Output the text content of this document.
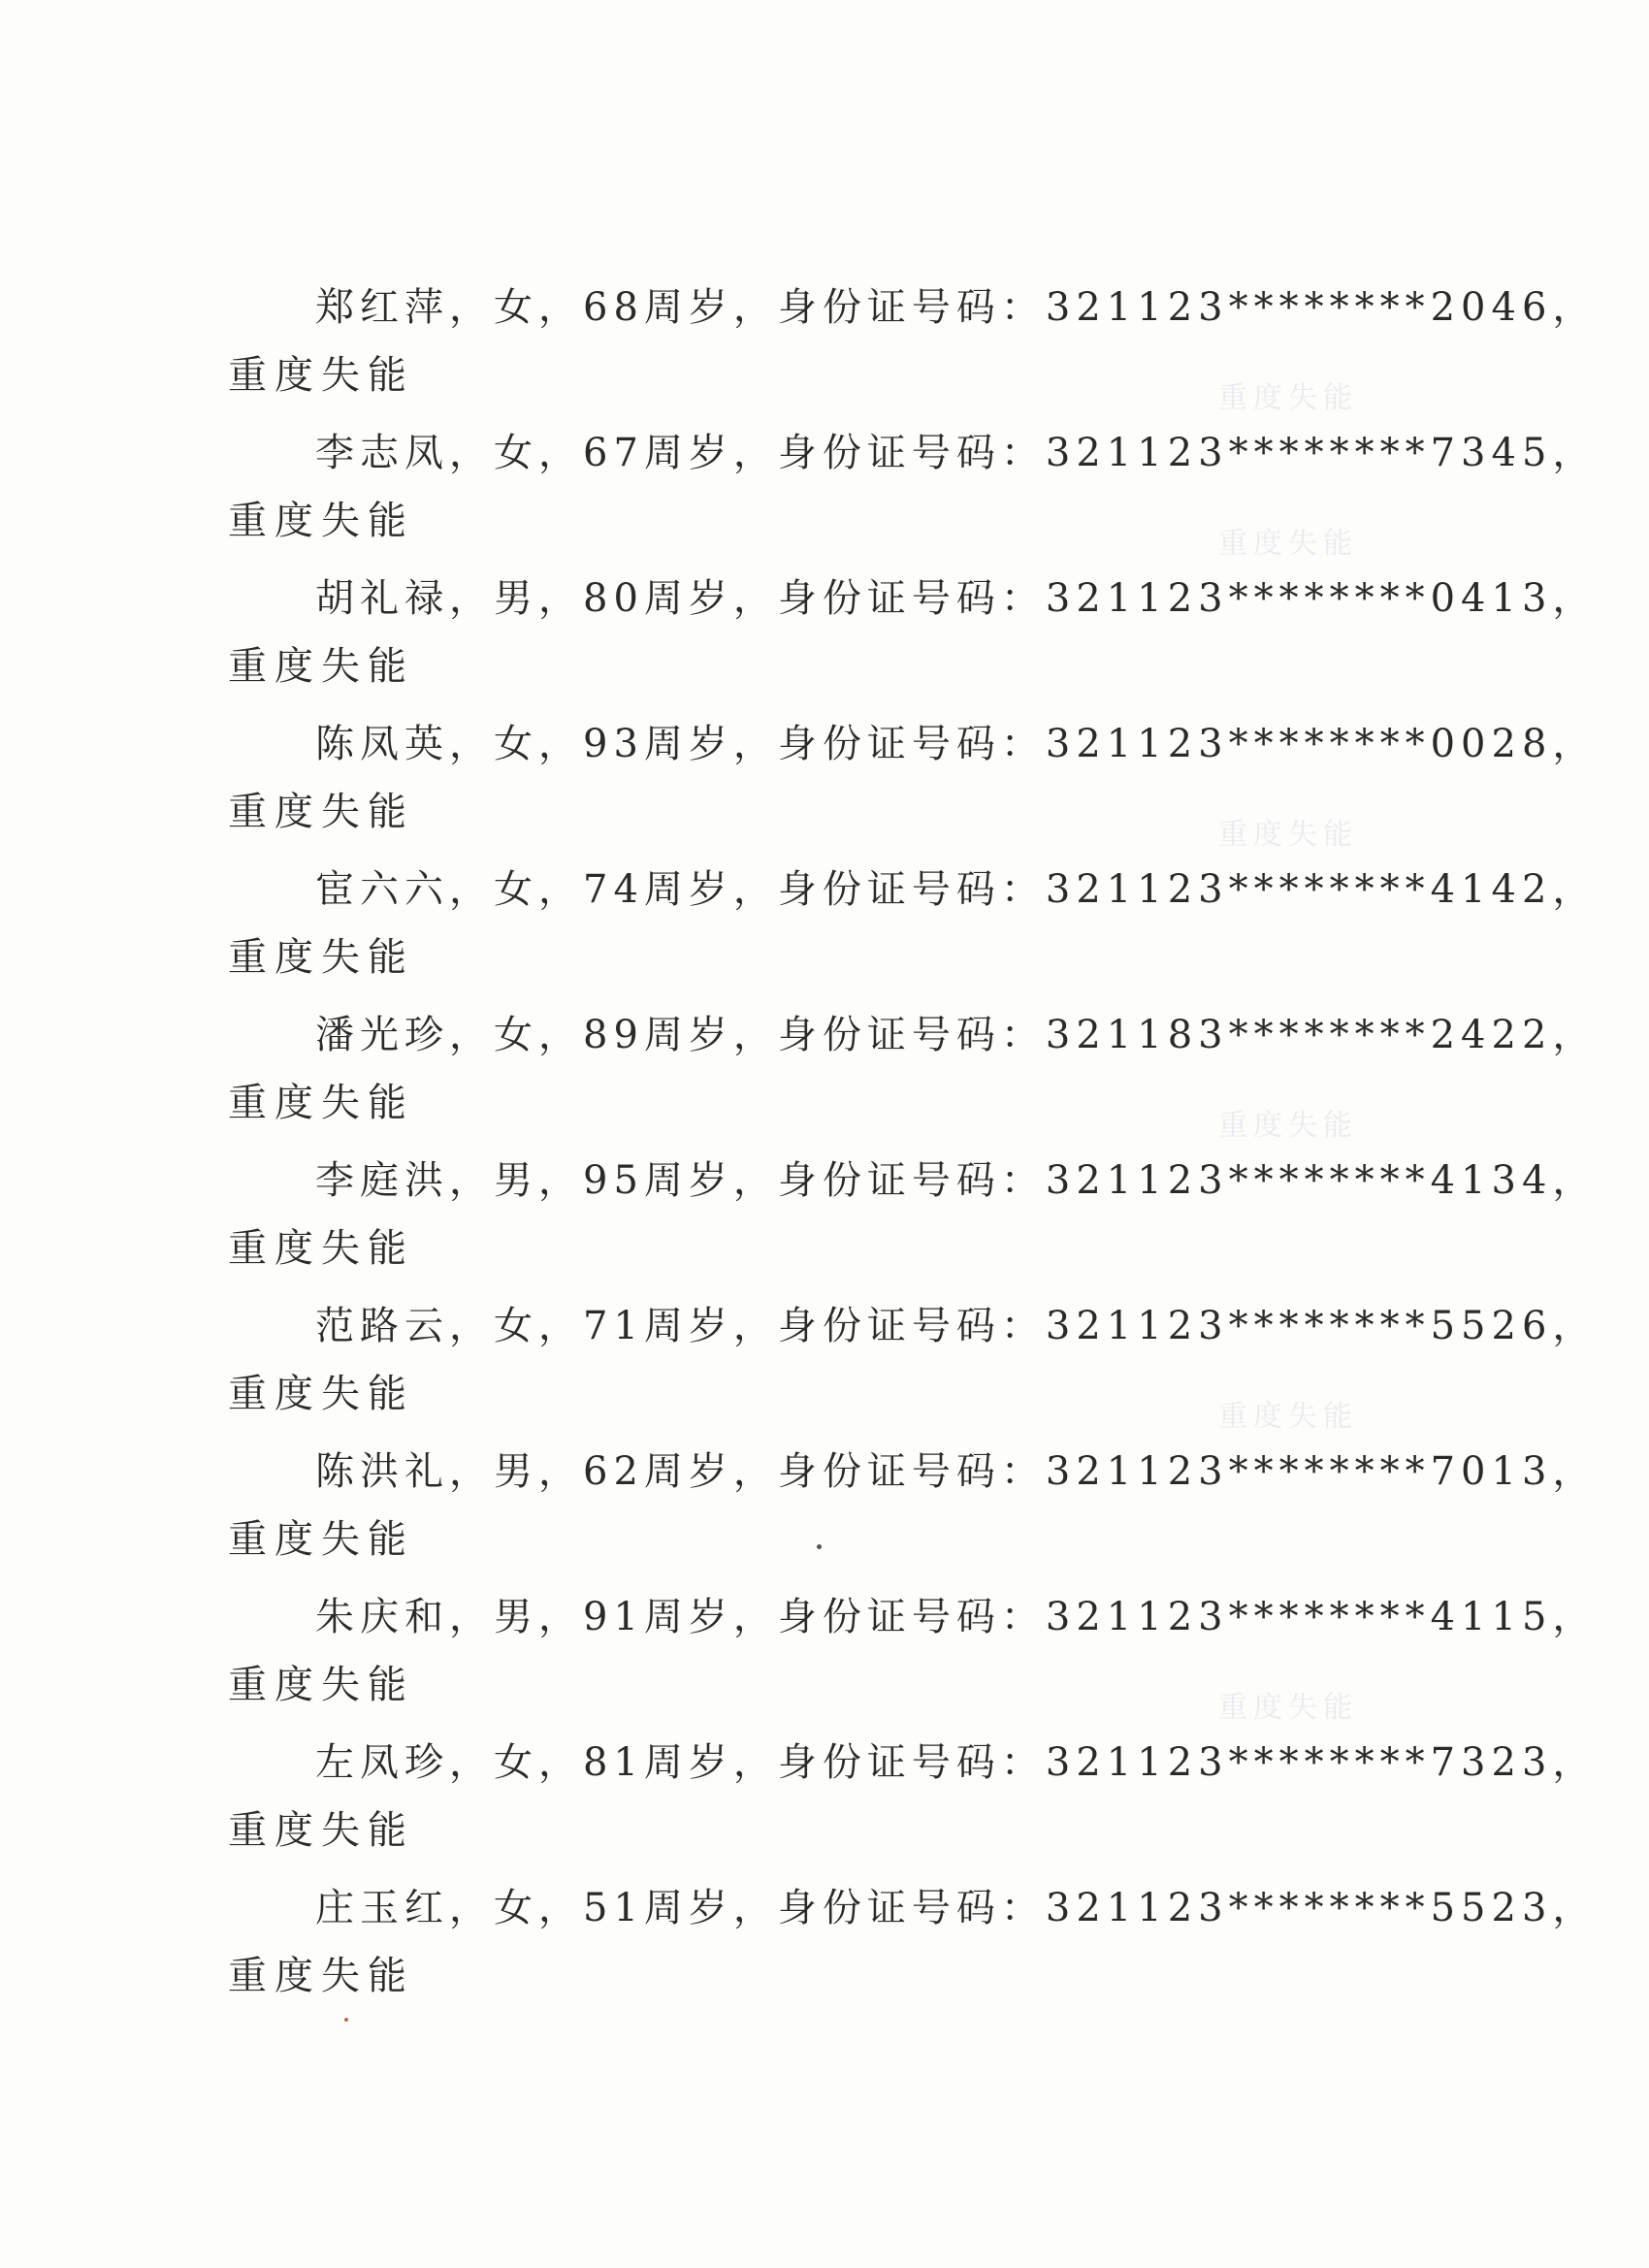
重度失能
重度失能
重度失能
重度失能
重度失能
重度失能
郑红萍，女，68周岁，身份证号码：321123********2046，
重度失能
李志凤，女，67周岁，身份证号码：321123********7345，
重度失能
胡礼禄，男，80周岁，身份证号码：321123********0413，
重度失能
陈凤英，女，93周岁，身份证号码：321123********0028，
重度失能
宦六六，女，74周岁，身份证号码：321123********4142，
重度失能
潘光珍，女，89周岁，身份证号码：321183********2422，
重度失能
李庭洪，男，95周岁，身份证号码：321123********4134，
重度失能
范路云，女，71周岁，身份证号码：321123********5526，
重度失能
陈洪礼，男，62周岁，身份证号码：321123********7013，
重度失能
朱庆和，男，91周岁，身份证号码：321123********4115，
重度失能
左凤珍，女，81周岁，身份证号码：321123********7323，
重度失能
庄玉红，女，51周岁，身份证号码：321123********5523，
重度失能
